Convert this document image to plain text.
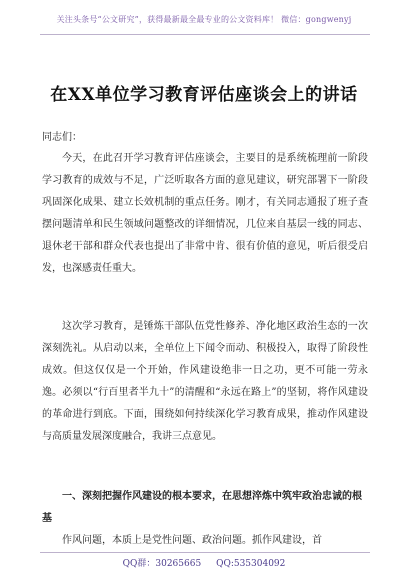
关注头条号“公文研究”，获得最新最全最专业的公文资料库！ 微信：gongwenyj
在XX单位学习教育评估座谈会上的讲话
同志们：
今天，在此召开学习教育评估座谈会，主要目的是系统梳理前一阶段学习教育的成效与不足，广泛听取各方面的意见建议，研究部署下一阶段巩固深化成果、建立长效机制的重点任务。刚才，有关同志通报了班子查摆问题清单和民生领域问题整改的详细情况，几位来自基层一线的同志、退休老干部和群众代表也提出了非常中肯、很有价值的意见，听后很受启发，也深感责任重大。
这次学习教育，是锤炼干部队伍党性修养、净化地区政治生态的一次深刻洗礼。从启动以来，全单位上下闻令而动、积极投入，取得了阶段性成效。但这仅仅是一个开始，作风建设绝非一日之功，更不可能一劳永逸。必须以“行百里者半九十”的清醒和“永远在路上”的坚韧，将作风建设的革命进行到底。下面，围绕如何持续深化学习教育成果，推动作风建设与高质量发展深度融合，我讲三点意见。
一、深刻把握作风建设的根本要求，在思想淬炼中筑牢政治忠诚的根基
作风问题，本质上是党性问题、政治问题。抓作风建设，首
QQ群：30265665 QQ:535304092
